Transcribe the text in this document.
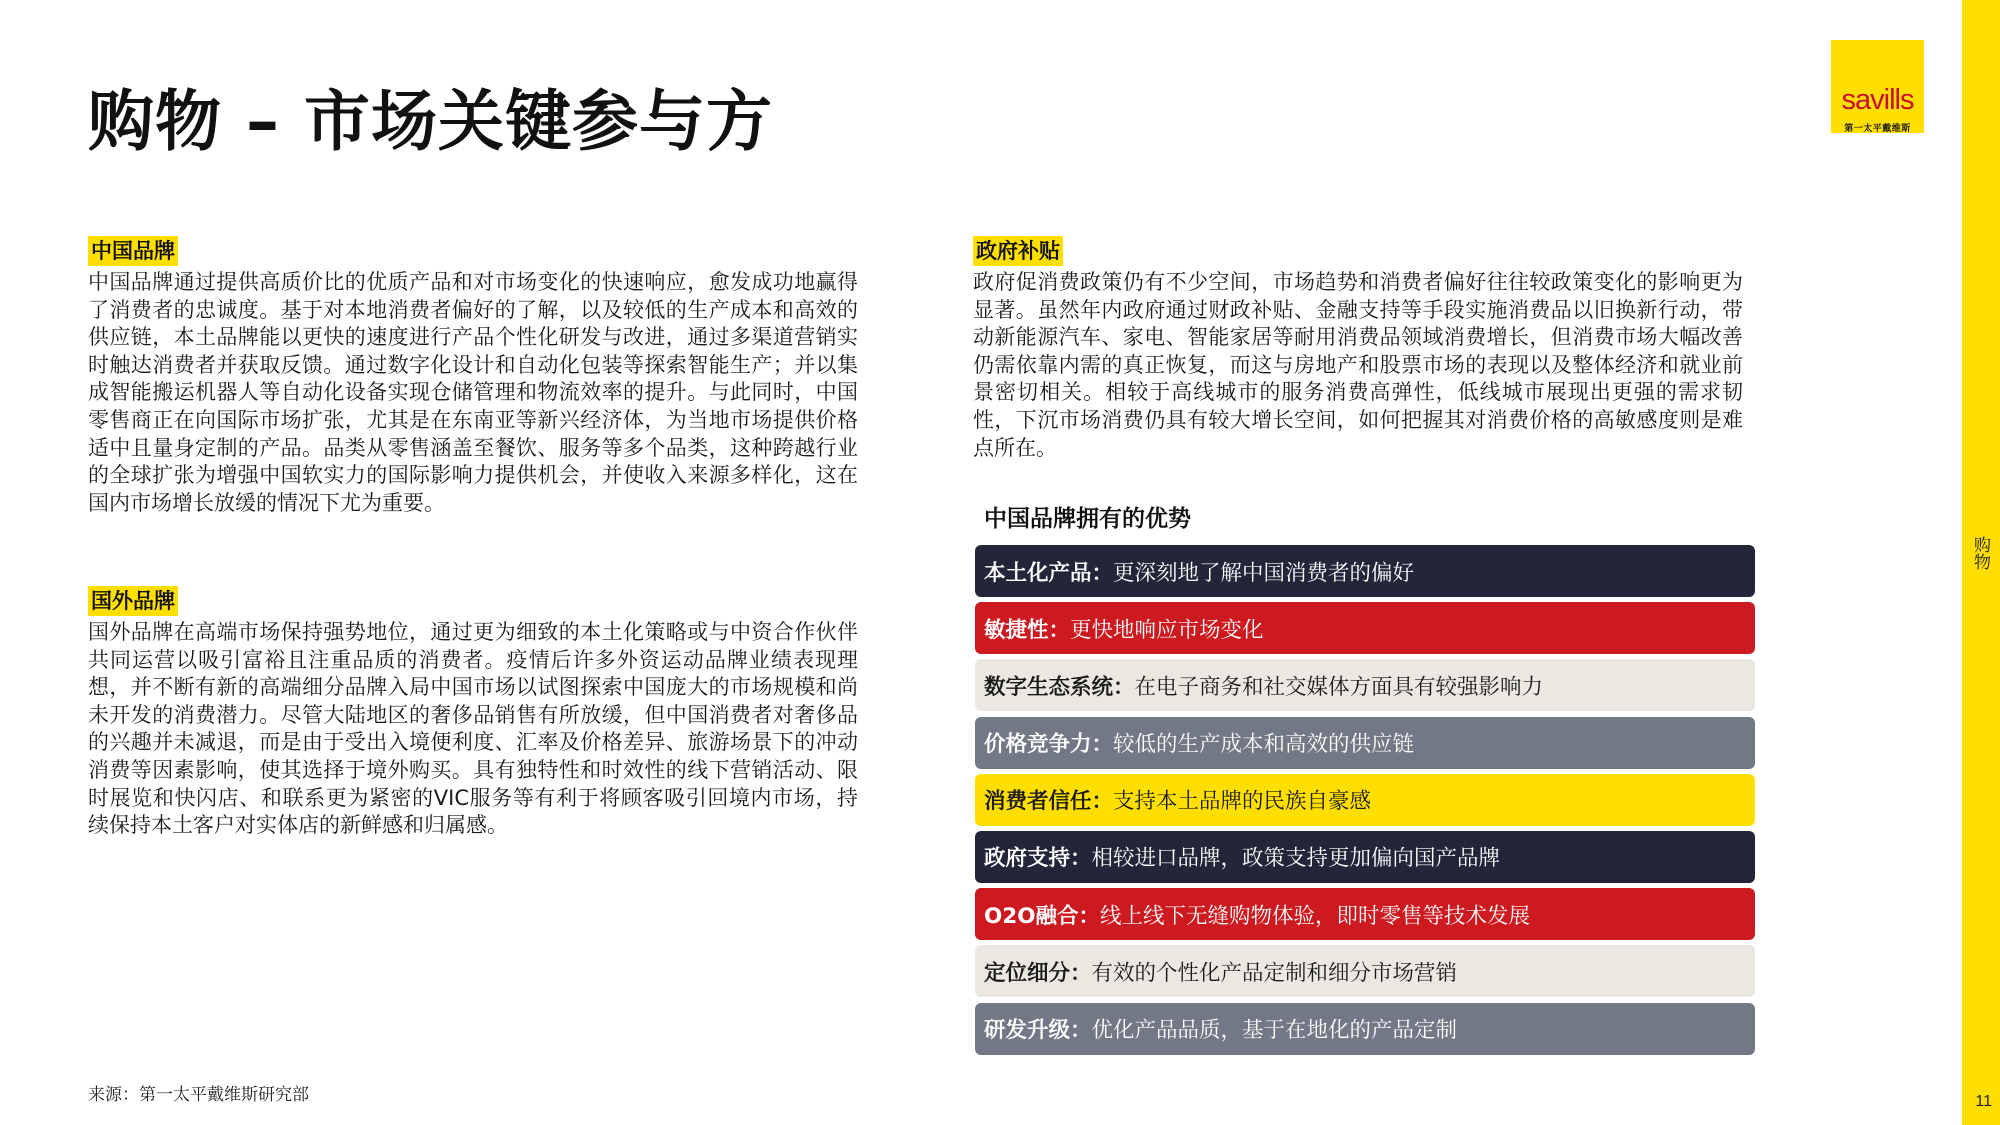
购物 – 市场关键参与方	savills
第一太平戴维斯
购物
11
中国品牌

中国品牌通过提供高质价比的优质产品和对市场变化的快速响应，愈发成功地赢得了消费者的忠诚度。基于对本地消费者偏好的了解，以及较低的生产成本和高效的供应链，本土品牌能以更快的速度进行产品个性化研发与改进，通过多渠道营销实时触达消费者并获取反馈。通过数字化设计和自动化包装等探索智能生产；并以集成智能搬运机器人等自动化设备实现仓储管理和物流效率的提升。与此同时，中国零售商正在向国际市场扩张，尤其是在东南亚等新兴经济体，为当地市场提供价格适中且量身定制的产品。品类从零售涵盖至餐饮、服务等多个品类，这种跨越行业的全球扩张为增强中国软实力的国际影响力提供机会，并使收入来源多样化，这在国内市场增长放缓的情况下尤为重要。

国外品牌

国外品牌在高端市场保持强势地位，通过更为细致的本土化策略或与中资合作伙伴共同运营以吸引富裕且注重品质的消费者。疫情后许多外资运动品牌业绩表现理想，并不断有新的高端细分品牌入局中国市场以试图探索中国庞大的市场规模和尚未开发的消费潜力。尽管大陆地区的奢侈品销售有所放缓，但中国消费者对奢侈品的兴趣并未减退，而是由于受出入境便利度、汇率及价格差异、旅游场景下的冲动消费等因素影响，使其选择于境外购买。具有独特性和时效性的线下营销活动、限时展览和快闪店、和联系更为紧密的VIC服务等有利于将顾客吸引回境内市场，持续保持本土客户对实体店的新鲜感和归属感。

政府补贴

政府促消费政策仍有不少空间，市场趋势和消费者偏好往往较政策变化的影响更为显著。虽然年内政府通过财政补贴、金融支持等手段实施消费品以旧换新行动，带动新能源汽车、家电、智能家居等耐用消费品领域消费增长，但消费市场大幅改善仍需依靠内需的真正恢复，而这与房地产和股票市场的表现以及整体经济和就业前景密切相关。相较于高线城市的服务消费高弹性，低线城市展现出更强的需求韧性，下沉市场消费仍具有较大增长空间，如何把握其对消费价格的高敏感度则是难点所在。

中国品牌拥有的优势
本土化产品： 更深刻地了解中国消费者的偏好
敏捷性： 更快地响应市场变化
数字生态系统： 在电子商务和社交媒体方面具有较强影响力
价格竞争力： 较低的生产成本和高效的供应链
消费者信任： 支持本土品牌的民族自豪感
政府支持： 相较进口品牌，政策支持更加偏向国产品牌
O2O融合： 线上线下无缝购物体验，即时零售等技术发展
定位细分： 有效的个性化产品定制和细分市场营销
研发升级： 优化产品品质，基于在地化的产品定制
来源：第一太平戴维斯研究部
